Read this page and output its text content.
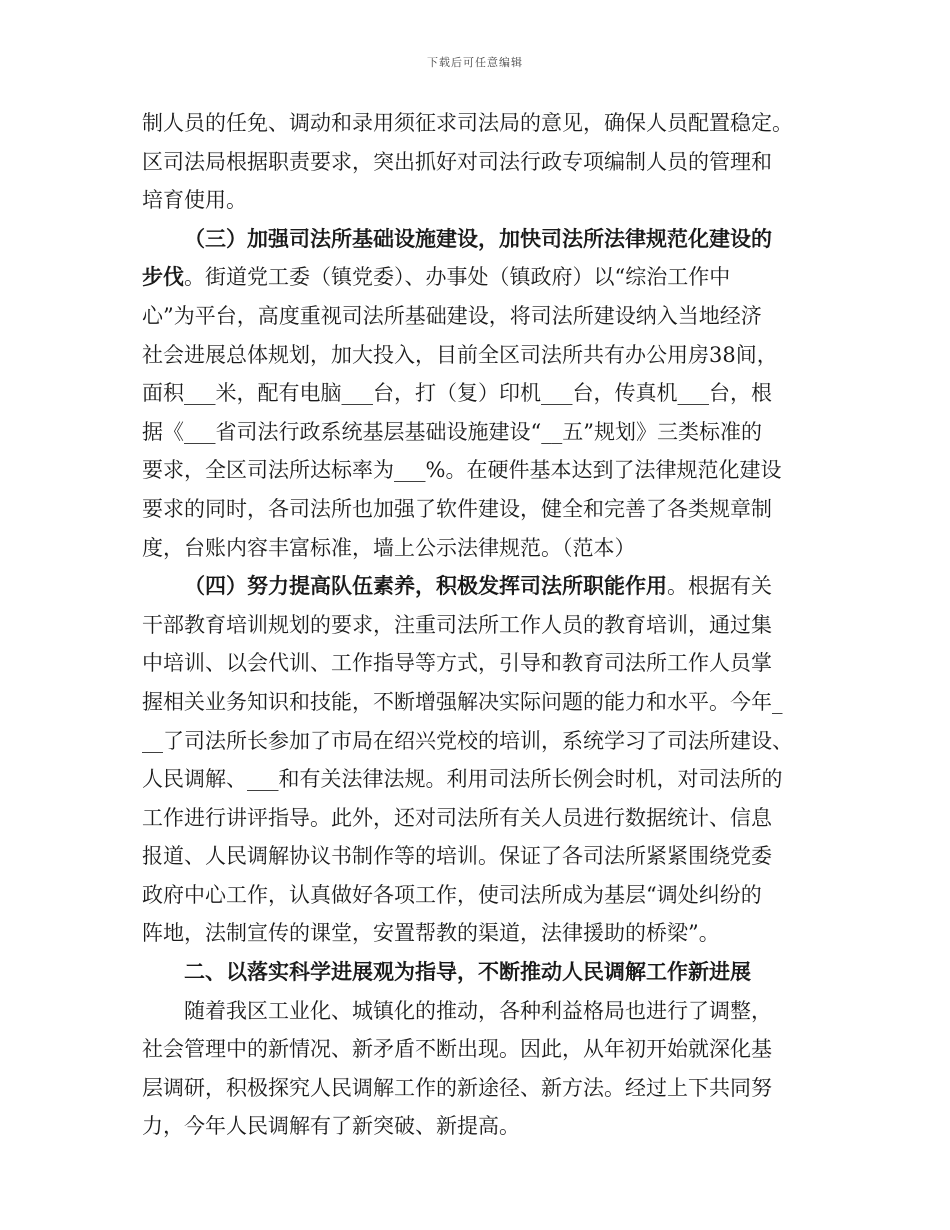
下载后可任意编辑
制人员的任免、调动和录用须征求司法局的意见，确保人员配置稳定。
区司法局根据职责要求，突出抓好对司法行政专项编制人员的管理和
培育使用。
（三）加强司法所基础设施建设，加快司法所法律规范化建设的
步伐。街道党工委（镇党委）、办事处（镇政府）以“综治工作中
心”为平台，高度重视司法所基础建设，将司法所建设纳入当地经济
社会进展总体规划，加大投入，目前全区司法所共有办公用房38间，
面积___米，配有电脑___台，打（复）印机___台，传真机___台，根
据《___省司法行政系统基层基础设施建设“__五”规划》三类标准的
要求，全区司法所达标率为___%。在硬件基本达到了法律规范化建设
要求的同时，各司法所也加强了软件建设，健全和完善了各类规章制
度，台账内容丰富标准，墙上公示法律规范。（范本）
（四）努力提高队伍素养，积极发挥司法所职能作用。根据有关
干部教育培训规划的要求，注重司法所工作人员的教育培训，通过集
中培训、以会代训、工作指导等方式，引导和教育司法所工作人员掌
握相关业务知识和技能，不断增强解决实际问题的能力和水平。今年_
__了司法所长参加了市局在绍兴党校的培训，系统学习了司法所建设、
人民调解、___和有关法律法规。利用司法所长例会时机，对司法所的
工作进行讲评指导。此外，还对司法所有关人员进行数据统计、信息
报道、人民调解协议书制作等的培训。保证了各司法所紧紧围绕党委
政府中心工作，认真做好各项工作，使司法所成为基层“调处纠纷的
阵地，法制宣传的课堂，安置帮教的渠道，法律援助的桥梁”。
二、以落实科学进展观为指导，不断推动人民调解工作新进展
随着我区工业化、城镇化的推动，各种利益格局也进行了调整，
社会管理中的新情况、新矛盾不断出现。因此，从年初开始就深化基
层调研，积极探究人民调解工作的新途径、新方法。经过上下共同努
力，今年人民调解有了新突破、新提高。
